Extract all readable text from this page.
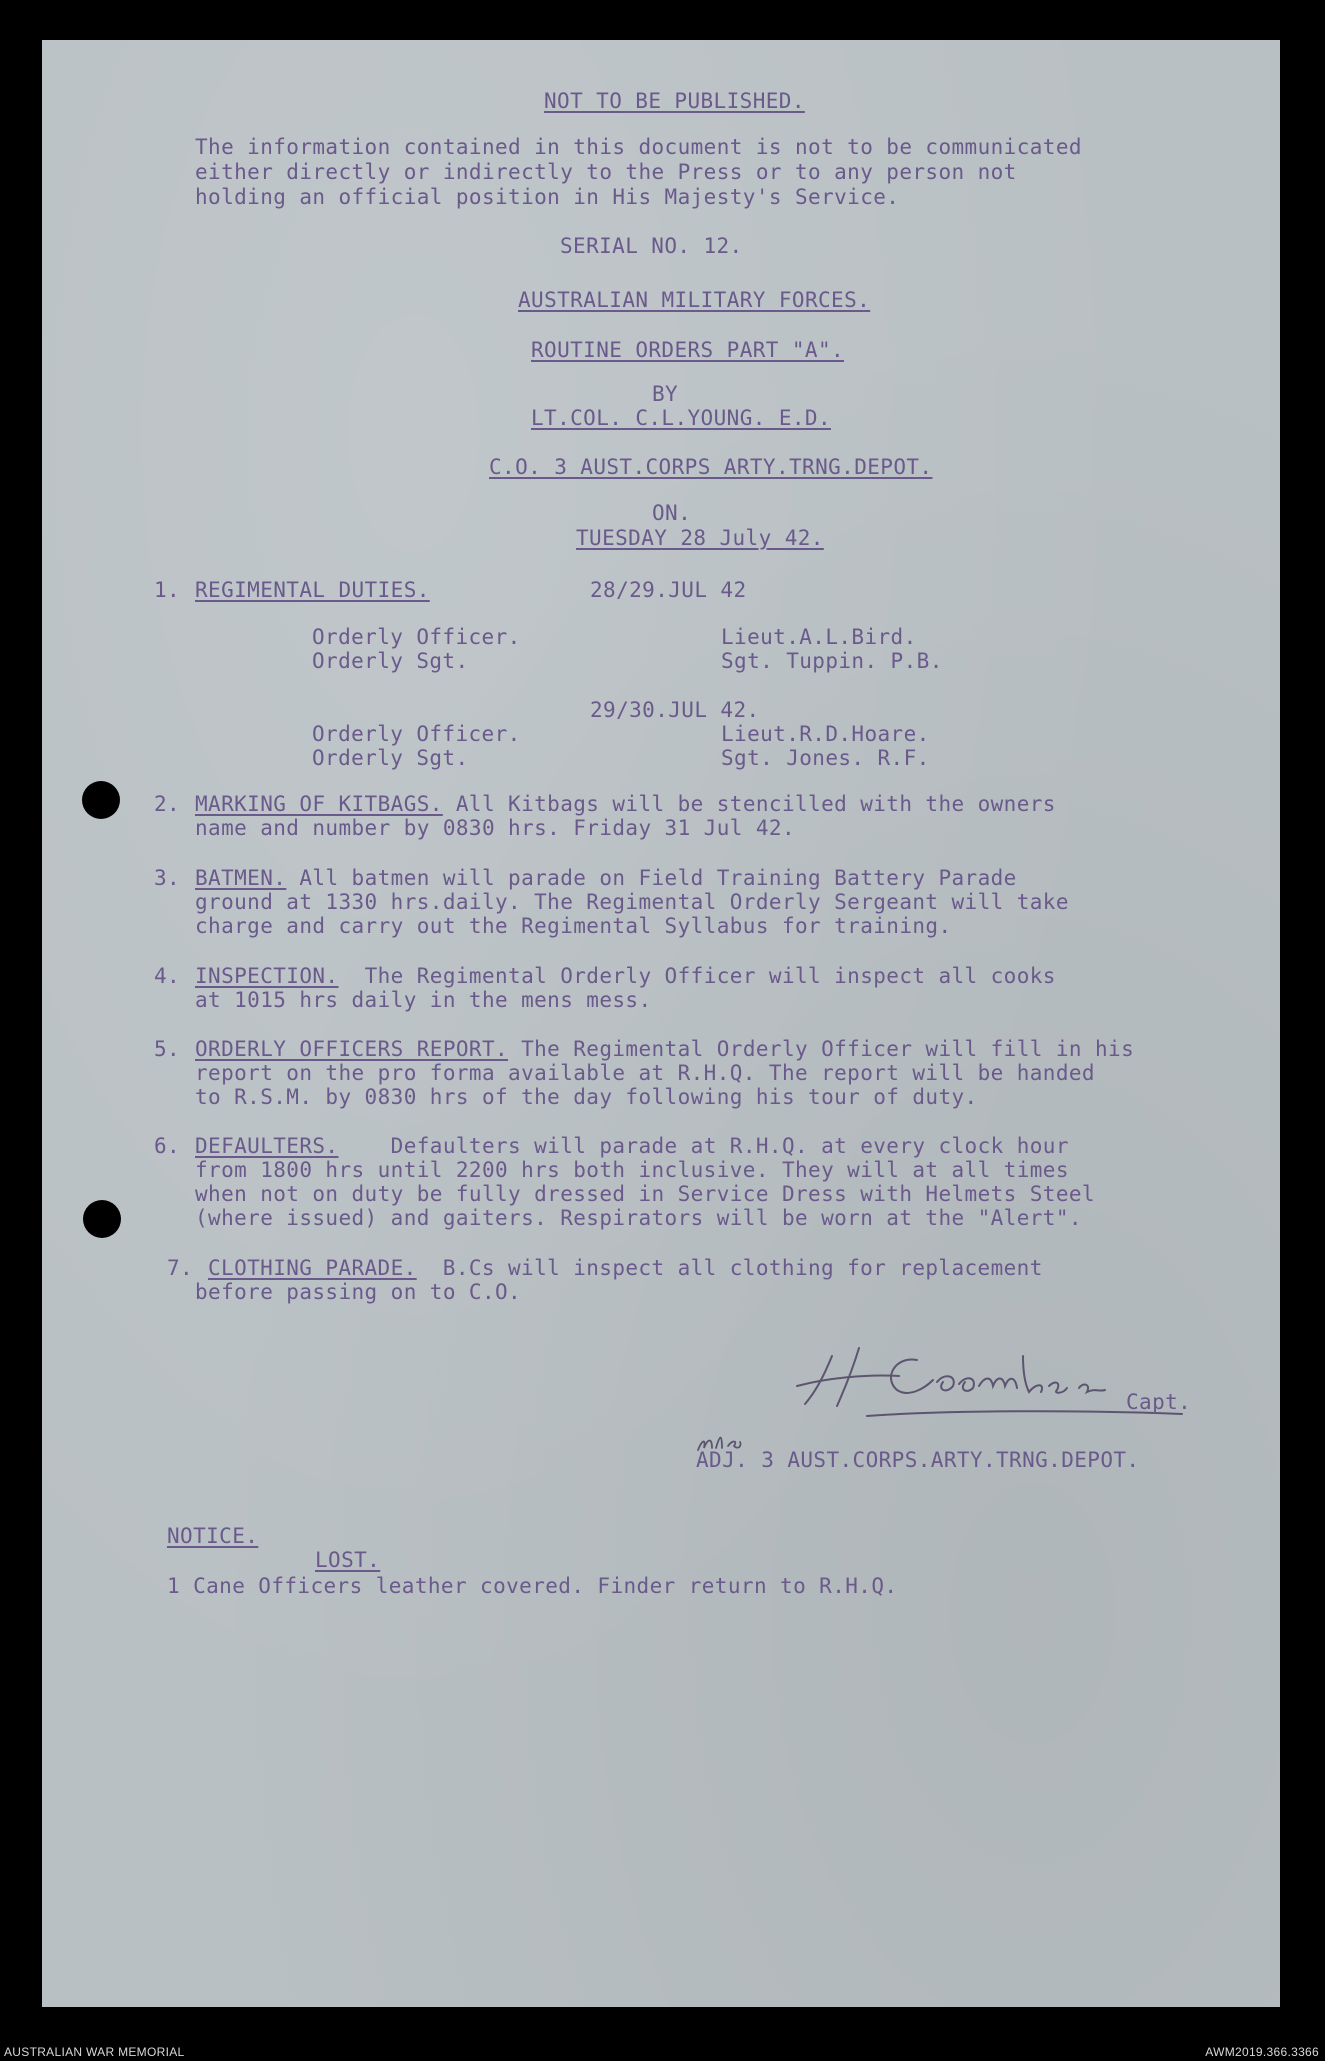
NOT TO BE PUBLISHED.
The information contained in this document is not to be communicated
either directly or indirectly to the Press or to any person not
holding an official position in His Majesty's Service.
SERIAL NO. 12.
AUSTRALIAN MILITARY FORCES.
ROUTINE ORDERS PART "A".
BY
LT.COL. C.L.YOUNG. E.D.
C.O. 3 AUST.CORPS ARTY.TRNG.DEPOT.
ON.
TUESDAY 28 July 42.
1. REGIMENTAL DUTIES.	28/29.JUL 42
Orderly Officer.	Lieut.A.L.Bird.
Orderly Sgt.	Sgt. Tuppin. P.B.
29/30.JUL 42.
Orderly Officer.	Lieut.R.D.Hoare.
Orderly Sgt.	Sgt. Jones. R.F.
2. MARKING OF KITBAGS. All Kitbags will be stencilled with the owners
name and number by 0830 hrs. Friday 31 Jul 42.
3. BATMEN. All batmen will parade on Field Training Battery Parade
ground at 1330 hrs.daily. The Regimental Orderly Sergeant will take
charge and carry out the Regimental Syllabus for training.
4. INSPECTION.  The Regimental Orderly Officer will inspect all cooks
at 1015 hrs daily in the mens mess.
5. ORDERLY OFFICERS REPORT. The Regimental Orderly Officer will fill in his
report on the pro forma available at R.H.Q. The report will be handed
to R.S.M. by 0830 hrs of the day following his tour of duty.
6. DEFAULTERS.    Defaulters will parade at R.H.Q. at every clock hour
from 1800 hrs until 2200 hrs both inclusive. They will at all times
when not on duty be fully dressed in Service Dress with Helmets Steel
(where issued) and gaiters. Respirators will be worn at the "Alert".
7. CLOTHING PARADE.  B.Cs will inspect all clothing for replacement
before passing on to C.O.
Capt.
ADJ. 3 AUST.CORPS.ARTY.TRNG.DEPOT.
NOTICE.
LOST.
1 Cane Officers leather covered. Finder return to R.H.Q.
AUSTRALIAN WAR MEMORIAL	AWM2019.366.3366
